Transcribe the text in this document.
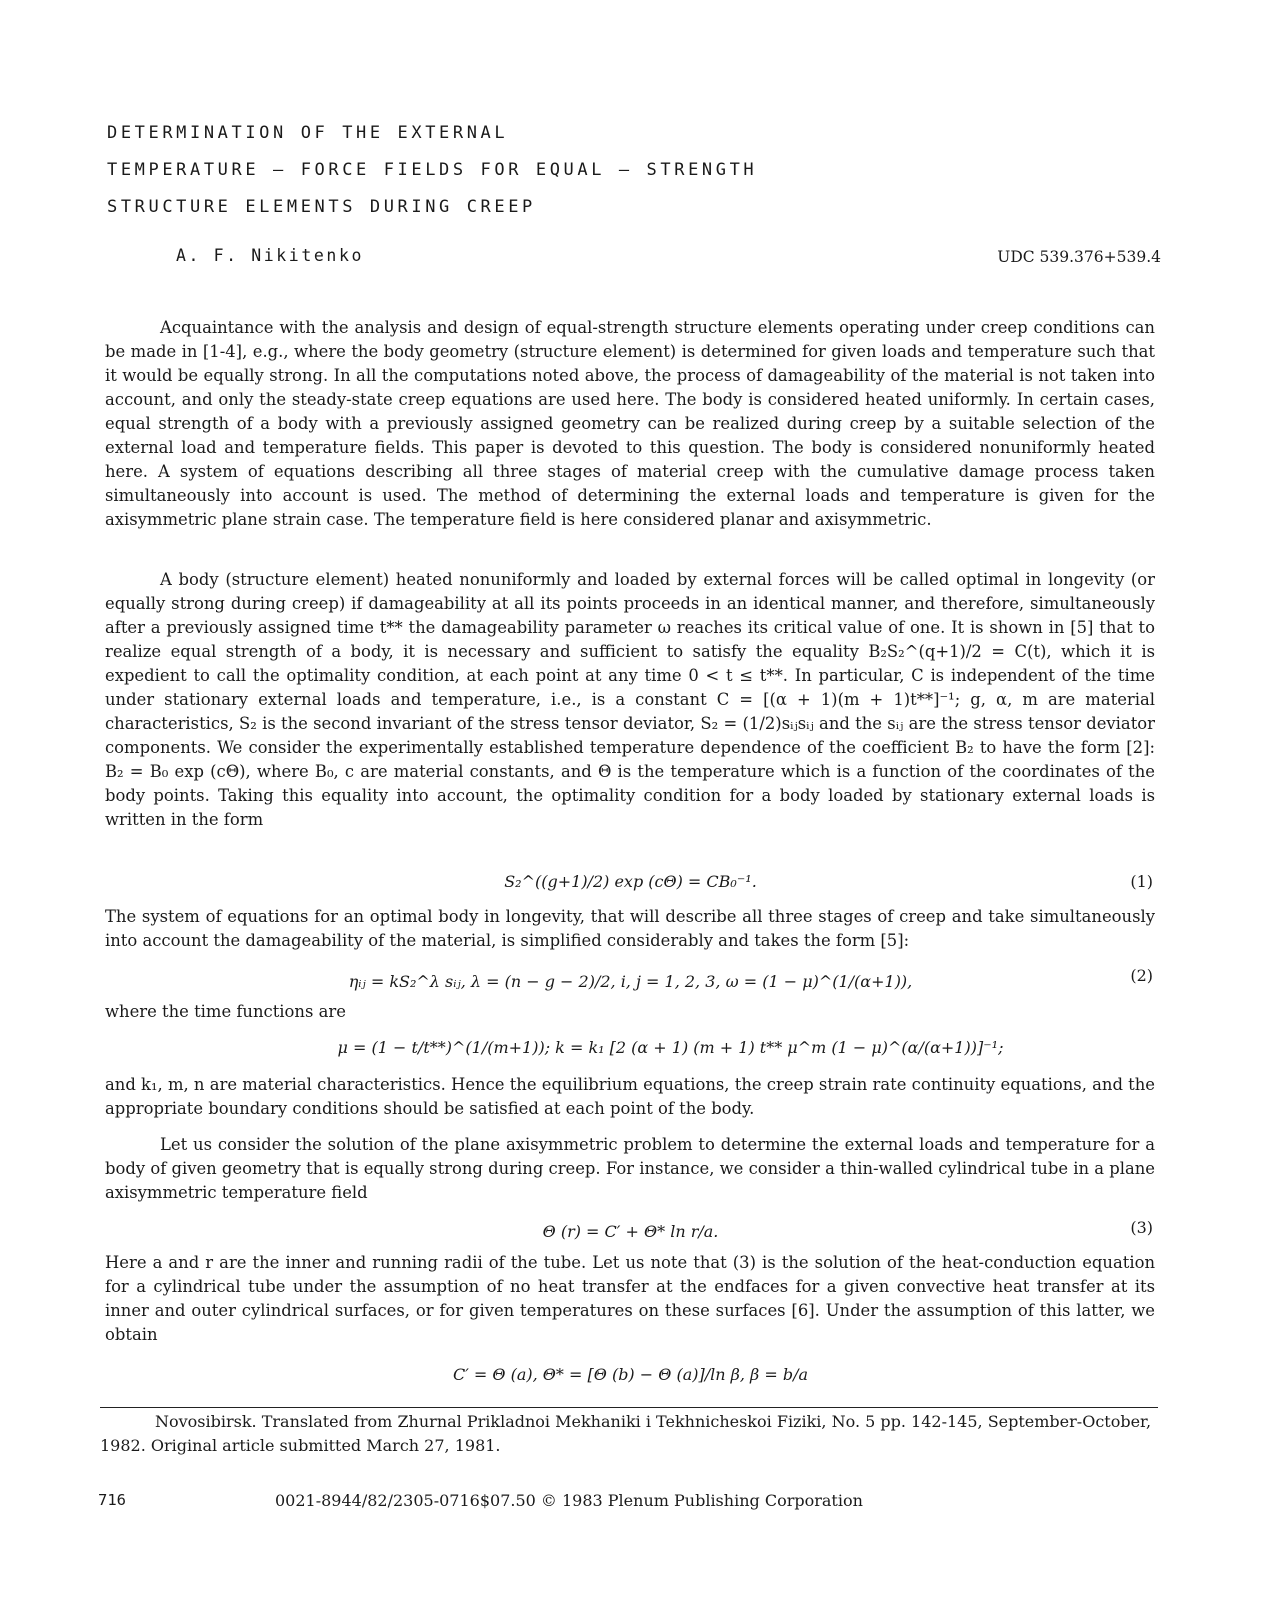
DETERMINATION OF THE EXTERNAL
TEMPERATURE – FORCE FIELDS FOR EQUAL – STRENGTH
STRUCTURE ELEMENTS DURING CREEP
A. F. Nikitenko	UDC 539.376+539.4

Acquaintance with the analysis and design of equal-strength structure elements operating under creep conditions can be made in [1-4], e.g., where the body geometry (structure element) is determined for given loads and temperature such that it would be equally strong. In all the computations noted above, the process of damageability of the material is not taken into account, and only the steady-state creep equations are used here. The body is considered heated uniformly. In certain cases, equal strength of a body with a previously assigned geometry can be realized during creep by a suitable selection of the external load and temperature fields. This paper is devoted to this question. The body is considered nonuniformly heated here. A system of equations describing all three stages of material creep with the cumulative damage process taken simultaneously into account is used. The method of determining the external loads and temperature is given for the axisymmetric plane strain case. The temperature field is here considered planar and axisymmetric.

A body (structure element) heated nonuniformly and loaded by external forces will be called optimal in longevity (or equally strong during creep) if damageability at all its points proceeds in an identical manner, and therefore, simultaneously after a previously assigned time t** the damageability parameter ω reaches its critical value of one. It is shown in [5] that to realize equal strength of a body, it is necessary and sufficient to satisfy the equality B₂S₂^(q+1)/2 = C(t), which it is expedient to call the optimality condition, at each point at any time 0 < t ≤ t**. In particular, C is independent of the time under stationary external loads and temperature, i.e., is a constant C = [(α + 1)(m + 1)t**]⁻¹; g, α, m are material characteristics, S₂ is the second invariant of the stress tensor deviator, S₂ = (1/2)sᵢⱼsᵢⱼ and the sᵢⱼ are the stress tensor deviator components. We consider the experimentally established temperature dependence of the coefficient B₂ to have the form [2]: B₂ = B₀ exp (cΘ), where B₀, c are material constants, and Θ is the temperature which is a function of the coordinates of the body points. Taking this equality into account, the optimality condition for a body loaded by stationary external loads is written in the form

S₂^((g+1)/2) exp (cΘ) = CB₀⁻¹.	(1)

The system of equations for an optimal body in longevity, that will describe all three stages of creep and take simultaneously into account the damageability of the material, is simplified considerably and takes the form [5]:

ηᵢⱼ = kS₂^λ sᵢⱼ, λ = (n − g − 2)/2, i, j = 1, 2, 3, ω = (1 − μ)^(1/(α+1)),	(2)

where the time functions are

μ = (1 − t/t**)^(1/(m+1)); k = k₁ [2 (α + 1) (m + 1) t** μ^m (1 − μ)^(α/(α+1))]⁻¹;

and k₁, m, n are material characteristics. Hence the equilibrium equations, the creep strain rate continuity equations, and the appropriate boundary conditions should be satisfied at each point of the body.

Let us consider the solution of the plane axisymmetric problem to determine the external loads and temperature for a body of given geometry that is equally strong during creep. For instance, we consider a thin-walled cylindrical tube in a plane axisymmetric temperature field

Θ (r) = C′ + Θ* ln r/a.	(3)

Here a and r are the inner and running radii of the tube. Let us note that (3) is the solution of the heat-conduction equation for a cylindrical tube under the assumption of no heat transfer at the endfaces for a given convective heat transfer at its inner and outer cylindrical surfaces, or for given temperatures on these surfaces [6]. Under the assumption of this latter, we obtain

C′ = Θ (a), Θ* = [Θ (b) − Θ (a)]/ln β, β = b/a

Novosibirsk. Translated from Zhurnal Prikladnoi Mekhaniki i Tekhnicheskoi Fiziki, No. 5 pp. 142-145, September-October, 1982. Original article submitted March 27, 1981.

716	0021-8944/82/2305-0716$07.50 © 1983 Plenum Publishing Corporation
